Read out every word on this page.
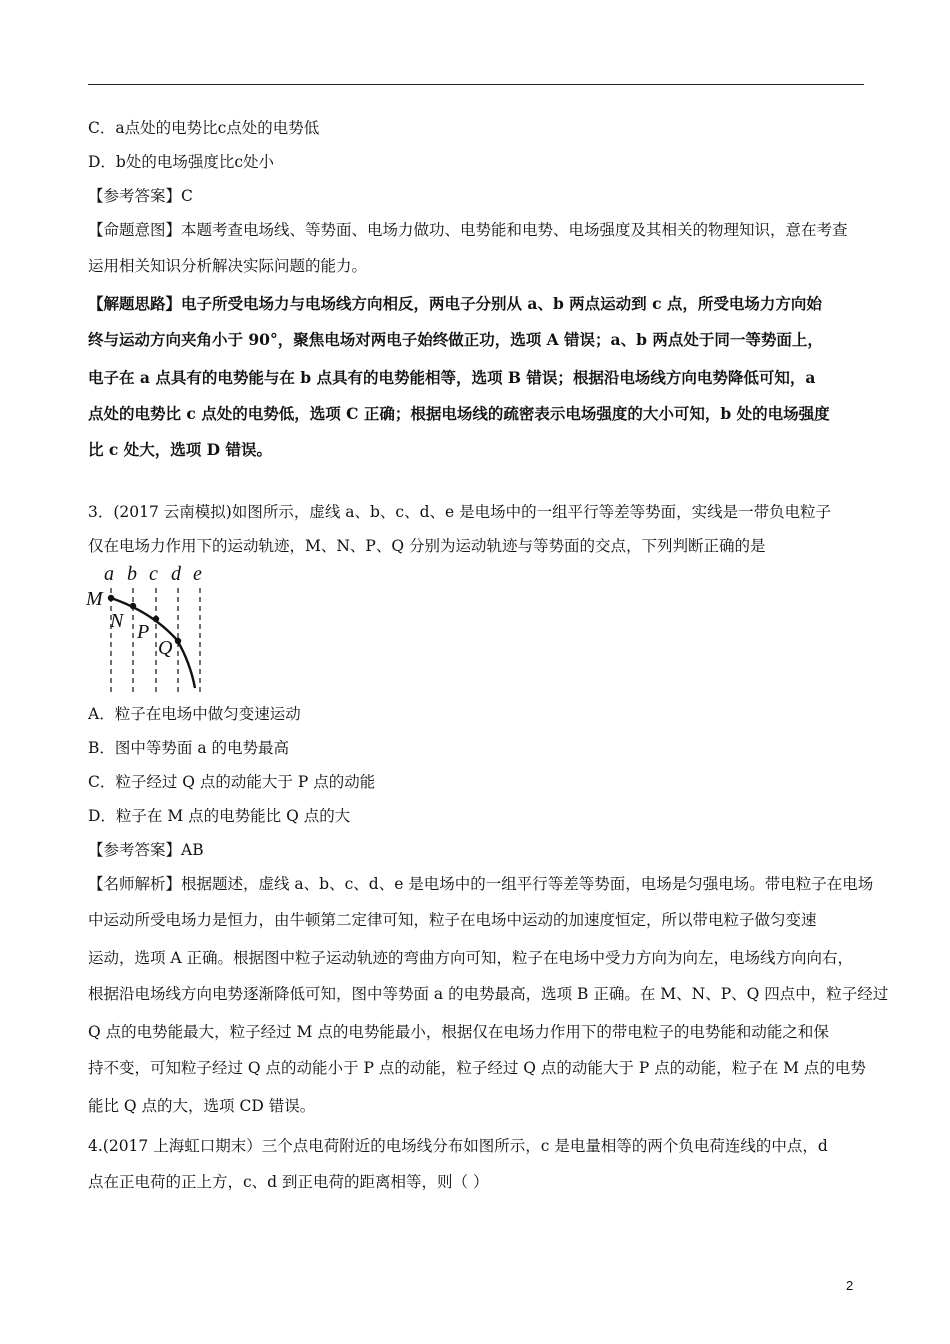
C．a点处的电势比c点处的电势低
D．b处的电场强度比c处小
【参考答案】C
【命题意图】本题考查电场线、等势面、电场力做功、电势能和电势、电场强度及其相关的物理知识，意在考查
运用相关知识分析解决实际问题的能力。
【解题思路】电子所受电场力与电场线方向相反，两电子分别从 a、b 两点运动到 c 点，所受电场力方向始
终与运动方向夹角小于 90°，聚焦电场对两电子始终做正功，选项 A 错误；a、b 两点处于同一等势面上，
电子在 a 点具有的电势能与在 b 点具有的电势能相等，选项 B 错误；根据沿电场线方向电势降低可知，a
点处的电势比 c 点处的电势低，选项 C 正确；根据电场线的疏密表示电场强度的大小可知，b 处的电场强度
比 c 处大，选项 D 错误。
3．(2017 云南模拟)如图所示，虚线 a、b、c、d、e 是电场中的一组平行等差等势面，实线是一带负电粒子
仅在电场力作用下的运动轨迹，M、N、P、Q 分别为运动轨迹与等势面的交点，下列判断正确的是
a b c d e
M
N P
Q
A．粒子在电场中做匀变速运动
B．图中等势面 a 的电势最高
C．粒子经过 Q 点的动能大于 P 点的动能
D．粒子在 M 点的电势能比 Q 点的大
【参考答案】AB
【名师解析】根据题述，虚线 a、b、c、d、e 是电场中的一组平行等差等势面，电场是匀强电场。带电粒子在电场
中运动所受电场力是恒力，由牛顿第二定律可知，粒子在电场中运动的加速度恒定，所以带电粒子做匀变速
运动，选项 A 正确。根据图中粒子运动轨迹的弯曲方向可知，粒子在电场中受力方向为向左，电场线方向向右，
根据沿电场线方向电势逐渐降低可知，图中等势面 a 的电势最高，选项 B 正确。在 M、N、P、Q 四点中，粒子经过
Q 点的电势能最大，粒子经过 M 点的电势能最小，根据仅在电场力作用下的带电粒子的电势能和动能之和保
持不变，可知粒子经过 Q 点的动能小于 P 点的动能，粒子经过 Q 点的动能大于 P 点的动能，粒子在 M 点的电势
能比 Q 点的大，选项 CD 错误。
4.(2017 上海虹口期末）三个点电荷附近的电场线分布如图所示，c 是电量相等的两个负电荷连线的中点，d
点在正电荷的正上方，c、d 到正电荷的距离相等，则（ ）
2
